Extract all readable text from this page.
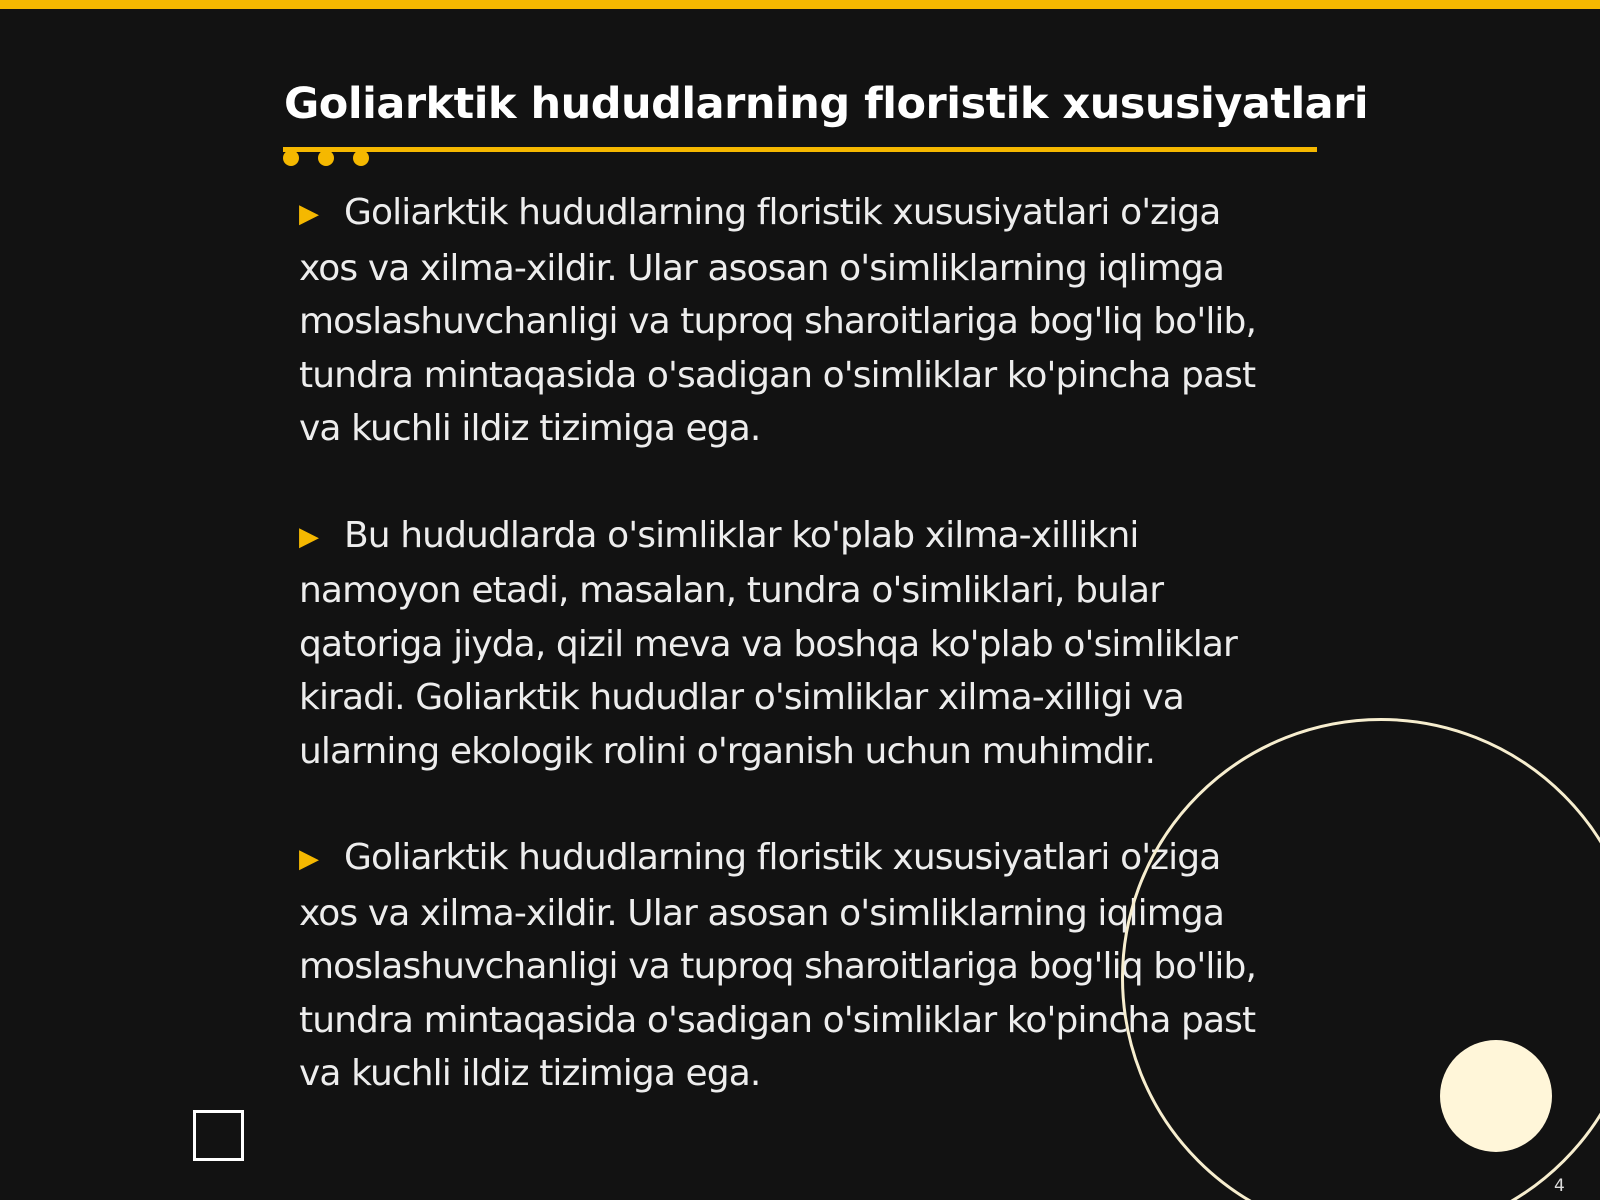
Goliarktik hududlarning floristik xususiyatlari

▶ Goliarktik hududlarning floristik xususiyatlari o'ziga xos va xilma-xildir. Ular asosan o'simliklarning iqlimga moslashuvchanligi va tuproq sharoitlariga bog'liq bo'lib, tundra mintaqasida o'sadigan o'simliklar ko'pincha past va kuchli ildiz tizimiga ega.

▶ Bu hududlarda o'simliklar ko'plab xilma-xillikni namoyon etadi, masalan, tundra o'simliklari, bular qatoriga jiyda, qizil meva va boshqa ko'plab o'simliklar kiradi. Goliarktik hududlar o'simliklar xilma-xilligi va ularning ekologik rolini o'rganish uchun muhimdir.

▶ Goliarktik hududlarning floristik xususiyatlari o'ziga xos va xilma-xildir. Ular asosan o'simliklarning iqlimga moslashuvchanligi va tuproq sharoitlariga bog'liq bo'lib, tundra mintaqasida o'sadigan o'simliklar ko'pincha past va kuchli ildiz tizimiga ega.

4
